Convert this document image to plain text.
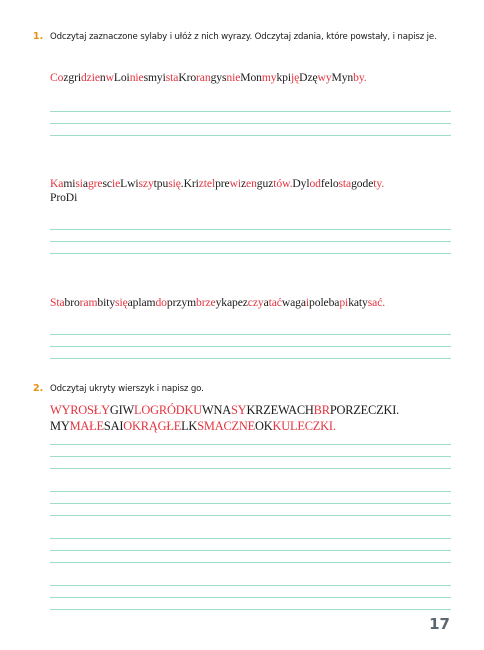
1. Odczytaj zaznaczone sylaby i ułóż z nich wyrazy. Odczytaj zdania, które powstały, i napisz je.
CozgridzienwLoiniesmyistaKrorangysnieMonmykpijęDzęwyMynby.
KamisiagrescieLwiszytpusię.Kriztelprewizenguztów.Dylodfelostagodety.
ProDi
Stabrorambitysięaplamdoprzymbrzeykapezczyataćwagaipolebapikatysać.
2. Odczytaj ukryty wierszyk i napisz go.
WYROSŁYGIWLOGRÓDKUWNASYKRZEWACHBRPORZECZKI.
MYMAŁESAIOKRĄGŁELKSMACZNEOKKULECZKI.
17
